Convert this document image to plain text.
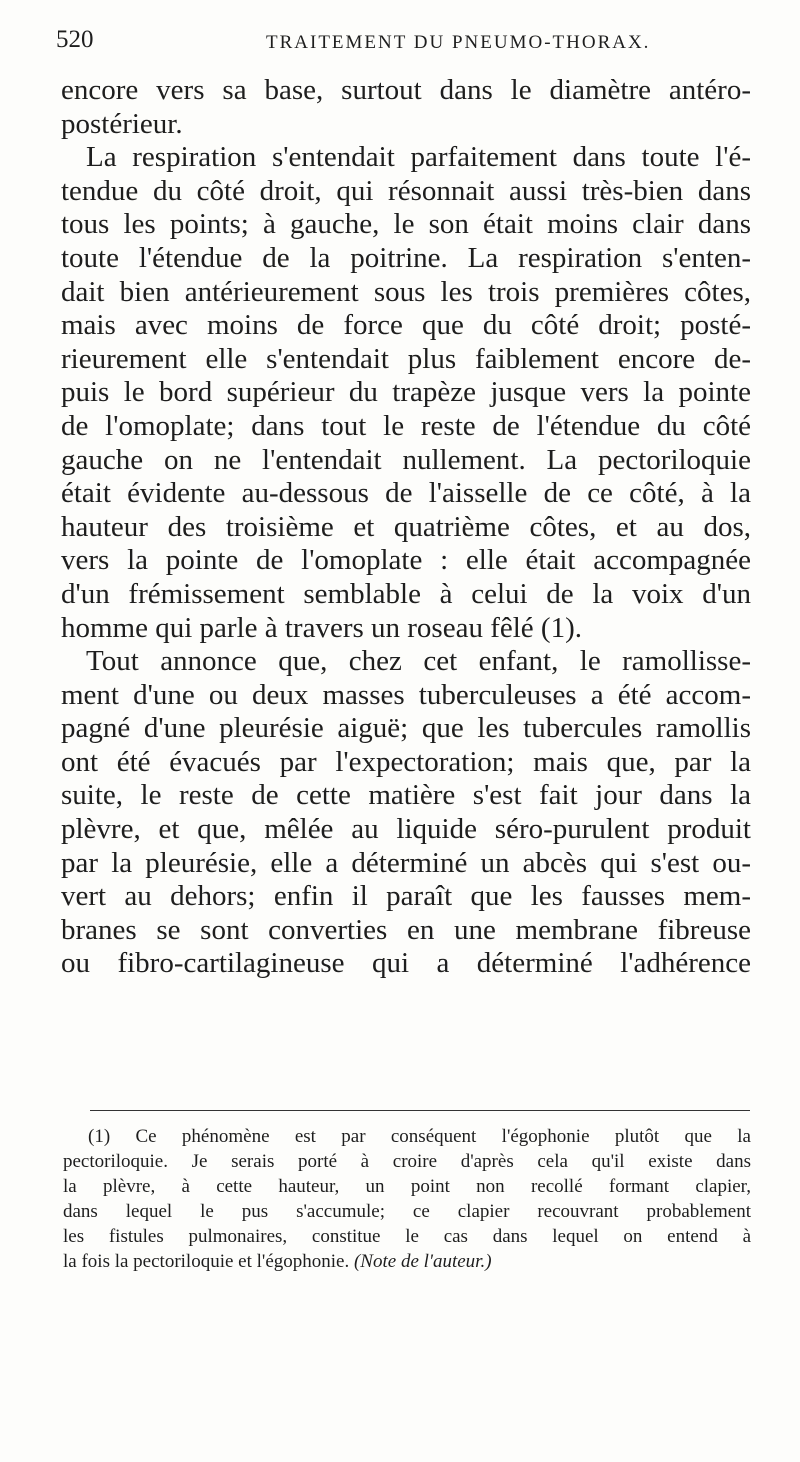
520	TRAITEMENT DU PNEUMO-THORAX.
encore vers sa base, surtout dans le diamètre antéro-
postérieur.
La respiration s'entendait parfaitement dans toute l'é-
tendue du côté droit, qui résonnait aussi très-bien dans
tous les points; à gauche, le son était moins clair dans
toute l'étendue de la poitrine. La respiration s'enten-
dait bien antérieurement sous les trois premières côtes,
mais avec moins de force que du côté droit; posté-
rieurement elle s'entendait plus faiblement encore de-
puis le bord supérieur du trapèze jusque vers la pointe
de l'omoplate; dans tout le reste de l'étendue du côté
gauche on ne l'entendait nullement. La pectoriloquie
était évidente au-dessous de l'aisselle de ce côté, à la
hauteur des troisième et quatrième côtes, et au dos,
vers la pointe de l'omoplate : elle était accompagnée
d'un frémissement semblable à celui de la voix d'un
homme qui parle à travers un roseau fêlé (1).
Tout annonce que, chez cet enfant, le ramollisse-
ment d'une ou deux masses tuberculeuses a été accom-
pagné d'une pleurésie aiguë; que les tubercules ramollis
ont été évacués par l'expectoration; mais que, par la
suite, le reste de cette matière s'est fait jour dans la
plèvre, et que, mêlée au liquide séro-purulent produit
par la pleurésie, elle a déterminé un abcès qui s'est ou-
vert au dehors; enfin il paraît que les fausses mem-
branes se sont converties en une membrane fibreuse
ou fibro-cartilagineuse qui a déterminé l'adhérence
(1) Ce phénomène est par conséquent l'égophonie plutôt que la
pectoriloquie. Je serais porté à croire d'après cela qu'il existe dans
la plèvre, à cette hauteur, un point non recollé formant clapier,
dans lequel le pus s'accumule; ce clapier recouvrant probablement
les fistules pulmonaires, constitue le cas dans lequel on entend à
la fois la pectoriloquie et l'égophonie. (Note de l'auteur.)
